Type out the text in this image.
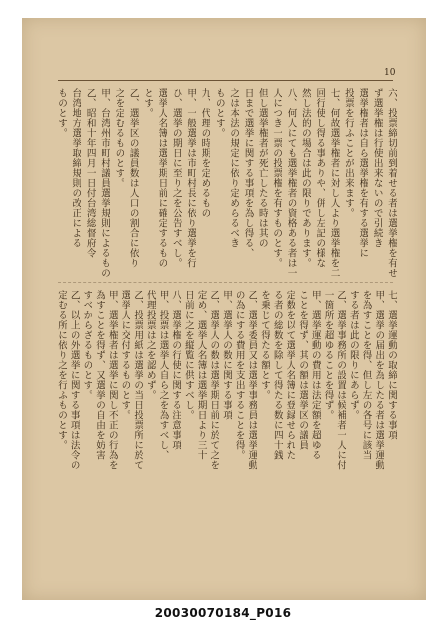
10
六、投票締切前到着せる者は選挙権を有せ
ず選挙権は行使出来ないので引続き
選挙権者は自ら選挙権を有する選挙に
投票を行ふことが出来ます。
七、何故選挙権者に対し人より選挙権を二
回行使し得る事ありや、併し左記の様な
然し法的の場合は此の限りであります。
八、何人にても選挙権者の資格ある者は一
人につき一票の投票権を有すものとす。
但し選挙権者が死亡したる時は其の
日まで選挙に関する事項を為し得る、
之は本法の規定に依り定めらるべき
ものとす。
九、代理の時期を定めるもの
甲、一般選挙は市町村長に依り選挙を行
ひ、選挙の期日に至り之を公告すべし。
選挙人名簿は選挙期日前に確定するもの
とす。
乙、選挙区の議員数は人口の割合に依り
之を定むるものとす。
甲、台湾州市町村議員選挙規則によるもの
乙、昭和十年四月一日付台湾総督府令
台湾地方選挙取締規則の改正による
ものとす。
七、選挙運動の取締に関する事項
甲、選挙の届出を為したる者は選挙運動
を為すことを得、但し左の各号に該当
する者は此の限りにあらず。
乙、選挙事務所の設置は候補者一人に付
一箇所を超ゆることを得ず。
甲、選挙運動の費用は法定額を超ゆる
ことを得ず、其の額は選挙区の議員
定数を以て選挙人名簿に登録せられた
る者の総数を除して得たる数に四十銭
を乗じて得たる額とす。
乙、選挙委員又は選挙事務員は選挙運動
の為にする費用を支出することを得。
甲、選挙人の数に関する事項
乙、選挙人の数は選挙期日前に於て之を
定め、選挙人名簿は選挙期日より三十
日前に之を縦覧に供すべし。
八、選挙権の行使に関する注意事項
甲、投票は選挙人自ら之を為すべし、
代理投票は之を認めず。
乙、投票用紙は選挙の当日投票所に於て
選挙人に交付するものとす。
甲、選挙権者は選挙に関し不正の行為を
為すことを得ず、又選挙の自由を妨害
すべからざるものとす。
乙、以上の外選挙に関する事項は法令の
定むる所に依り之を行ふものとす。
20030070184_P016
